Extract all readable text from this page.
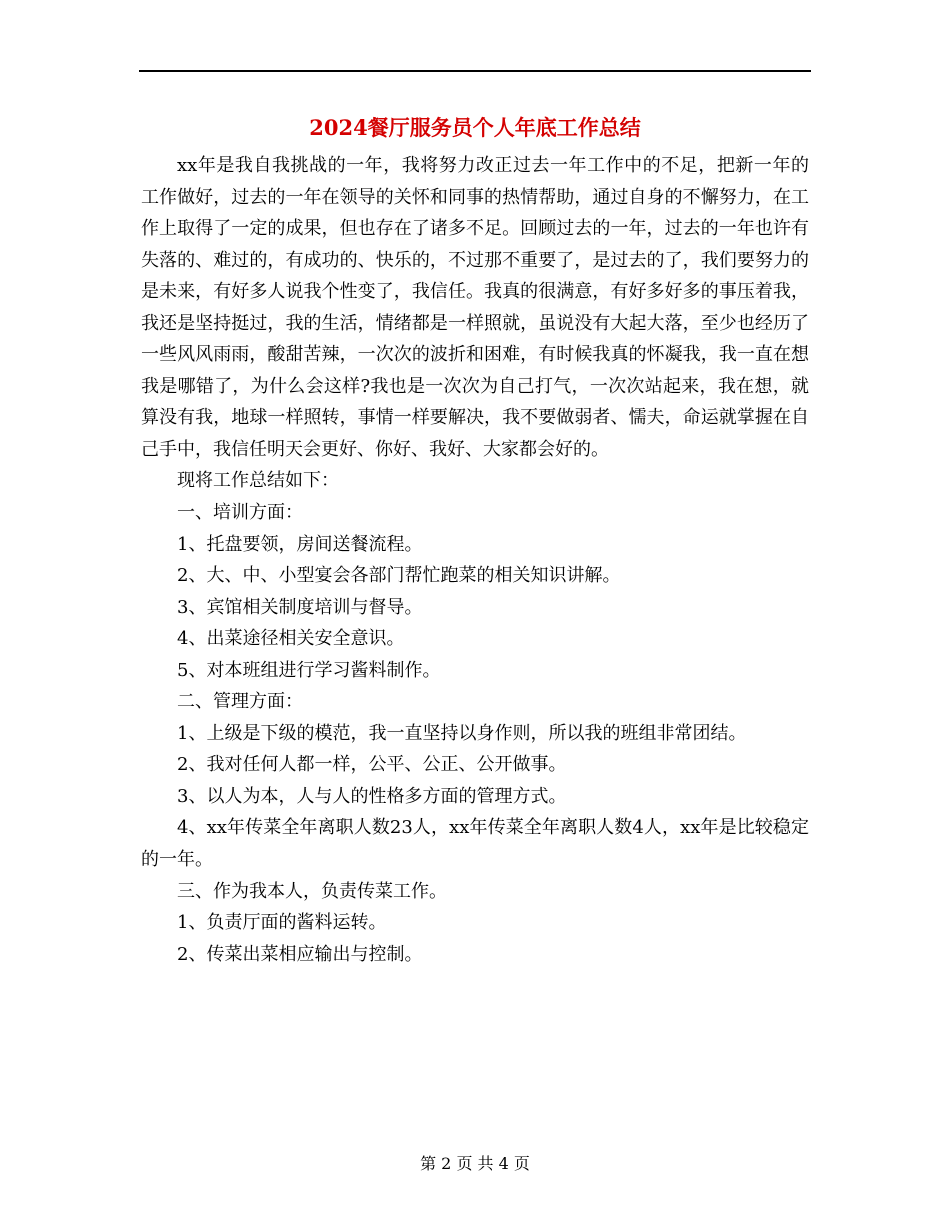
2024餐厅服务员个人年底工作总结

xx年是我自我挑战的一年，我将努力改正过去一年工作中的不足，把新一年的工作做好，过去的一年在领导的关怀和同事的热情帮助，通过自身的不懈努力，在工作上取得了一定的成果，但也存在了诸多不足。回顾过去的一年，过去的一年也许有失落的、难过的，有成功的、快乐的，不过那不重要了，是过去的了，我们要努力的是未来，有好多人说我个性变了，我信任。我真的很满意，有好多好多的事压着我，我还是坚持挺过，我的生活，情绪都是一样照就，虽说没有大起大落，至少也经历了一些风风雨雨，酸甜苦辣，一次次的波折和困难，有时候我真的怀凝我，我一直在想我是哪错了，为什么会这样?我也是一次次为自己打气，一次次站起来，我在想，就算没有我，地球一样照转，事情一样要解决，我不要做弱者、懦夫，命运就掌握在自己手中，我信任明天会更好、你好、我好、大家都会好的。

现将工作总结如下：

一、培训方面：

1、托盘要领，房间送餐流程。

2、大、中、小型宴会各部门帮忙跑菜的相关知识讲解。

3、宾馆相关制度培训与督导。

4、出菜途径相关安全意识。

5、对本班组进行学习酱料制作。

二、管理方面：

1、上级是下级的模范，我一直坚持以身作则，所以我的班组非常团结。

2、我对任何人都一样，公平、公正、公开做事。

3、以人为本，人与人的性格多方面的管理方式。

4、xx年传菜全年离职人数23人，xx年传菜全年离职人数4人，xx年是比较稳定的一年。

三、作为我本人，负责传菜工作。

1、负责厅面的酱料运转。

2、传菜出菜相应输出与控制。

第 2 页 共 4 页
